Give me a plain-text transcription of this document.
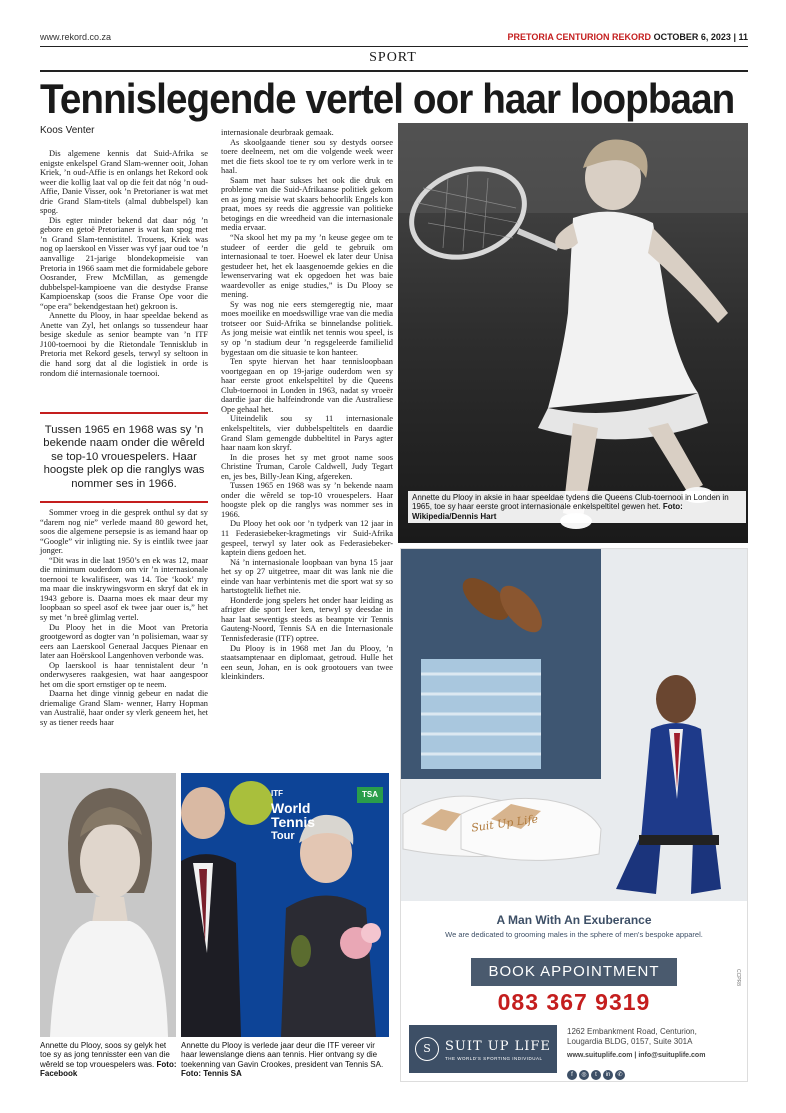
www.rekord.co.za	PRETORIA CENTURION REKORD OCTOBER 6, 2023 | 11
SPORT
Tennislegende vertel oor haar loopbaan
Koos Venter

Dis algemene kennis dat Suid-Afrika se enigste enkelspel Grand Slam-wenner ooit, Johan Kriek, ’n oud-Affie is en onlangs het Rekord ook weer die kollig laat val op die feit dat nóg ’n oud-Affie, Danie Visser, ook ’n Pretorianer is wat met drie Grand Slam-titels (almal dubbelspel) kan spog.

Dis egter minder bekend dat daar nóg ’n gebore en getoë Pretorianer is wat kan spog met ’n Grand Slam-tennistitel. Trouens, Kriek was nog op laerskool en Visser was vyf jaar oud toe ’n aanvallige 21-jarige blondekopmeisie van Pretoria in 1966 saam met die formidabele gebore Oosrander, Frew McMillan, as gemengde dubbelspel-kampioene van die destydse Franse Kampioenskap (soos die Franse Ope voor die “ope era” bekendgestaan het) gekroon is.

Annette du Plooy, in haar speeldae bekend as Anette van Zyl, het onlangs so tussendeur haar besige skedule as senior beampte van ’n ITF J100-toernooi by die Rietondale Tennisklub in Pretoria met Rekord gesels, terwyl sy seltoon in die hand sorg dat al die logistiek in orde is rondom dié internasionale toernooi.

Tussen 1965 en 1968 was sy ’n bekende naam onder die wêreld se top-10 vrouespelers. Haar hoogste plek op die ranglys was nommer ses in 1966.

Sommer vroeg in die gesprek onthul sy dat sy “darem nog nie” verlede maand 80 geword het, soos die algemene persepsie is as iemand haar op “Google” vir inligting nie. Sy is eintlik twee jaar jonger.

“Dit was in die laat 1950’s en ek was 12, maar die minimum ouderdom om vir ’n internasionale toernooi te kwalifiseer, was 14. Toe ‘kook’ my ma maar die inskrywingsvorm en skryf dat ek in 1943 gebore is. Daarna moes ek maar deur my loopbaan so speel asof ek twee jaar ouer is,” het sy met ’n breë glimlag vertel.

Du Plooy het in die Moot van Pretoria grootgeword as dogter van ’n polisieman, waar sy eers aan Laerskool Generaal Jacques Pienaar en later aan Hoërskool Langenhoven verbonde was.

Op laerskool is haar tennistalent deur ’n onderwyseres raakgesien, wat haar aangespoor het om die sport ernstiger op te neem.

Daarna het dinge vinnig gebeur en nadat die driemalige Grand Slam- wenner, Harry Hopman van Australië, haar onder sy vlerk geneem het, het sy as tiener reeds haar

internasionale deurbraak gemaak.

As skoolgaande tiener sou sy destyds oorsee toere deelneem, net om die volgende week weer met die fiets skool toe te ry om verlore werk in te haal.

Saam met haar sukses het ook die druk en probleme van die Suid-Afrikaanse politiek gekom en as jong meisie wat skaars behoorlik Engels kon praat, moes sy reeds die aggressie van politieke betogings en die wreedheid van die internasionale media ervaar.

“Na skool het my pa my ’n keuse gegee om te studeer of eerder die geld te gebruik om internasionaal te toer. Hoewel ek later deur Unisa gestudeer het, het ek laasgenoemde gekies en die lewenservaring wat ek opgedoen het was baie waardevoller as enige studies,” is Du Plooy se mening.

Sy was nog nie eers stemgeregtig nie, maar moes moeilike en moedswillige vrae van die media trotseer oor Suid-Afrika se binnelandse politiek. As jong meisie wat eintlik net tennis wou speel, is sy op ’n stadium deur ’n regsgeleerde familielid bygestaan om die situasie te kon hanteer.

Ten spyte hiervan het haar tennisloopbaan voortgegaan en op 19-jarige ouderdom wen sy haar eerste groot enkelspeltitel by die Queens Club-toernooi in Londen in 1963, nadat sy vroeër daardie jaar die halfeindronde van die Australiese Ope gehaal het.

Uiteindelik sou sy 11 internasionale enkelspeltitels, vier dubbelspeltitels en daardie Grand Slam gemengde dubbeltitel in Parys agter haar naam kon skryf.

In die proses het sy met groot name soos Christine Truman, Carole Caldwell, Judy Tegart en, jes bes, Billy-Jean King, afgereken.

Tussen 1965 en 1968 was sy ’n bekende naam onder die wêreld se top-10 vrouespelers. Haar hoogste plek op die ranglys was nommer ses in 1966.

Du Plooy het ook oor ’n tydperk van 12 jaar in 11 Federasiebeker-kragmetings vir Suid-Afrika gespeel, terwyl sy later ook as Federasiebeker-kaptein diens gedoen het.

Ná ’n internasionale loopbaan van byna 15 jaar het sy op 27 uitgetree, maar dit was lank nie die einde van haar verbintenis met die sport wat sy so hartstogtelik liefhet nie.

Honderde jong spelers het onder haar leiding as afrigter die sport leer ken, terwyl sy deesdae in haar laat sewentigs steeds as beampte vir Tennis Gauteng-Noord, Tennis SA en die Internasionale Tennisfederasie (ITF) optree.

Du Plooy is in 1968 met Jan du Plooy, ’n staatsamptenaar en diplomaat, getroud. Hulle het een seun, Johan, en is ook grootouers van twee kleinkinders.

Annette du Plooy in aksie in haar speeldae tydens die Queens Club-toernooi in Londen in 1965, toe sy haar eerste groot internasionale enkelspeltitel gewen het. Foto: Wikipedia/Dennis Hart
Annette du Plooy, soos sy gelyk het toe sy as jong tennisster een van die wêreld se top vrouespelers was. Foto: Facebook
ITF
World
Tennis
Tour
TSA
Annette du Plooy is verlede jaar deur die ITF vereer vir haar lewenslange diens aan tennis. Hier ontvang sy die toekenning van Gavin Crookes, president van Tennis SA. Foto: Tennis SA
Suit Up Life
A Man With An Exuberance
We are dedicated to grooming males in the sphere of men's bespoke apparel.
BOOK APPOINTMENT
083 367 9319
S	SUIT UP LIFE
THE WORLD'S SPORTING INDIVIDUAL
1262 Embankment Road, Centurion,
Lougardia BLDG, 0157, Suite 301A
www.suituplife.com | info@suituplife.com
f ◎ t in ✆
CCPR8
